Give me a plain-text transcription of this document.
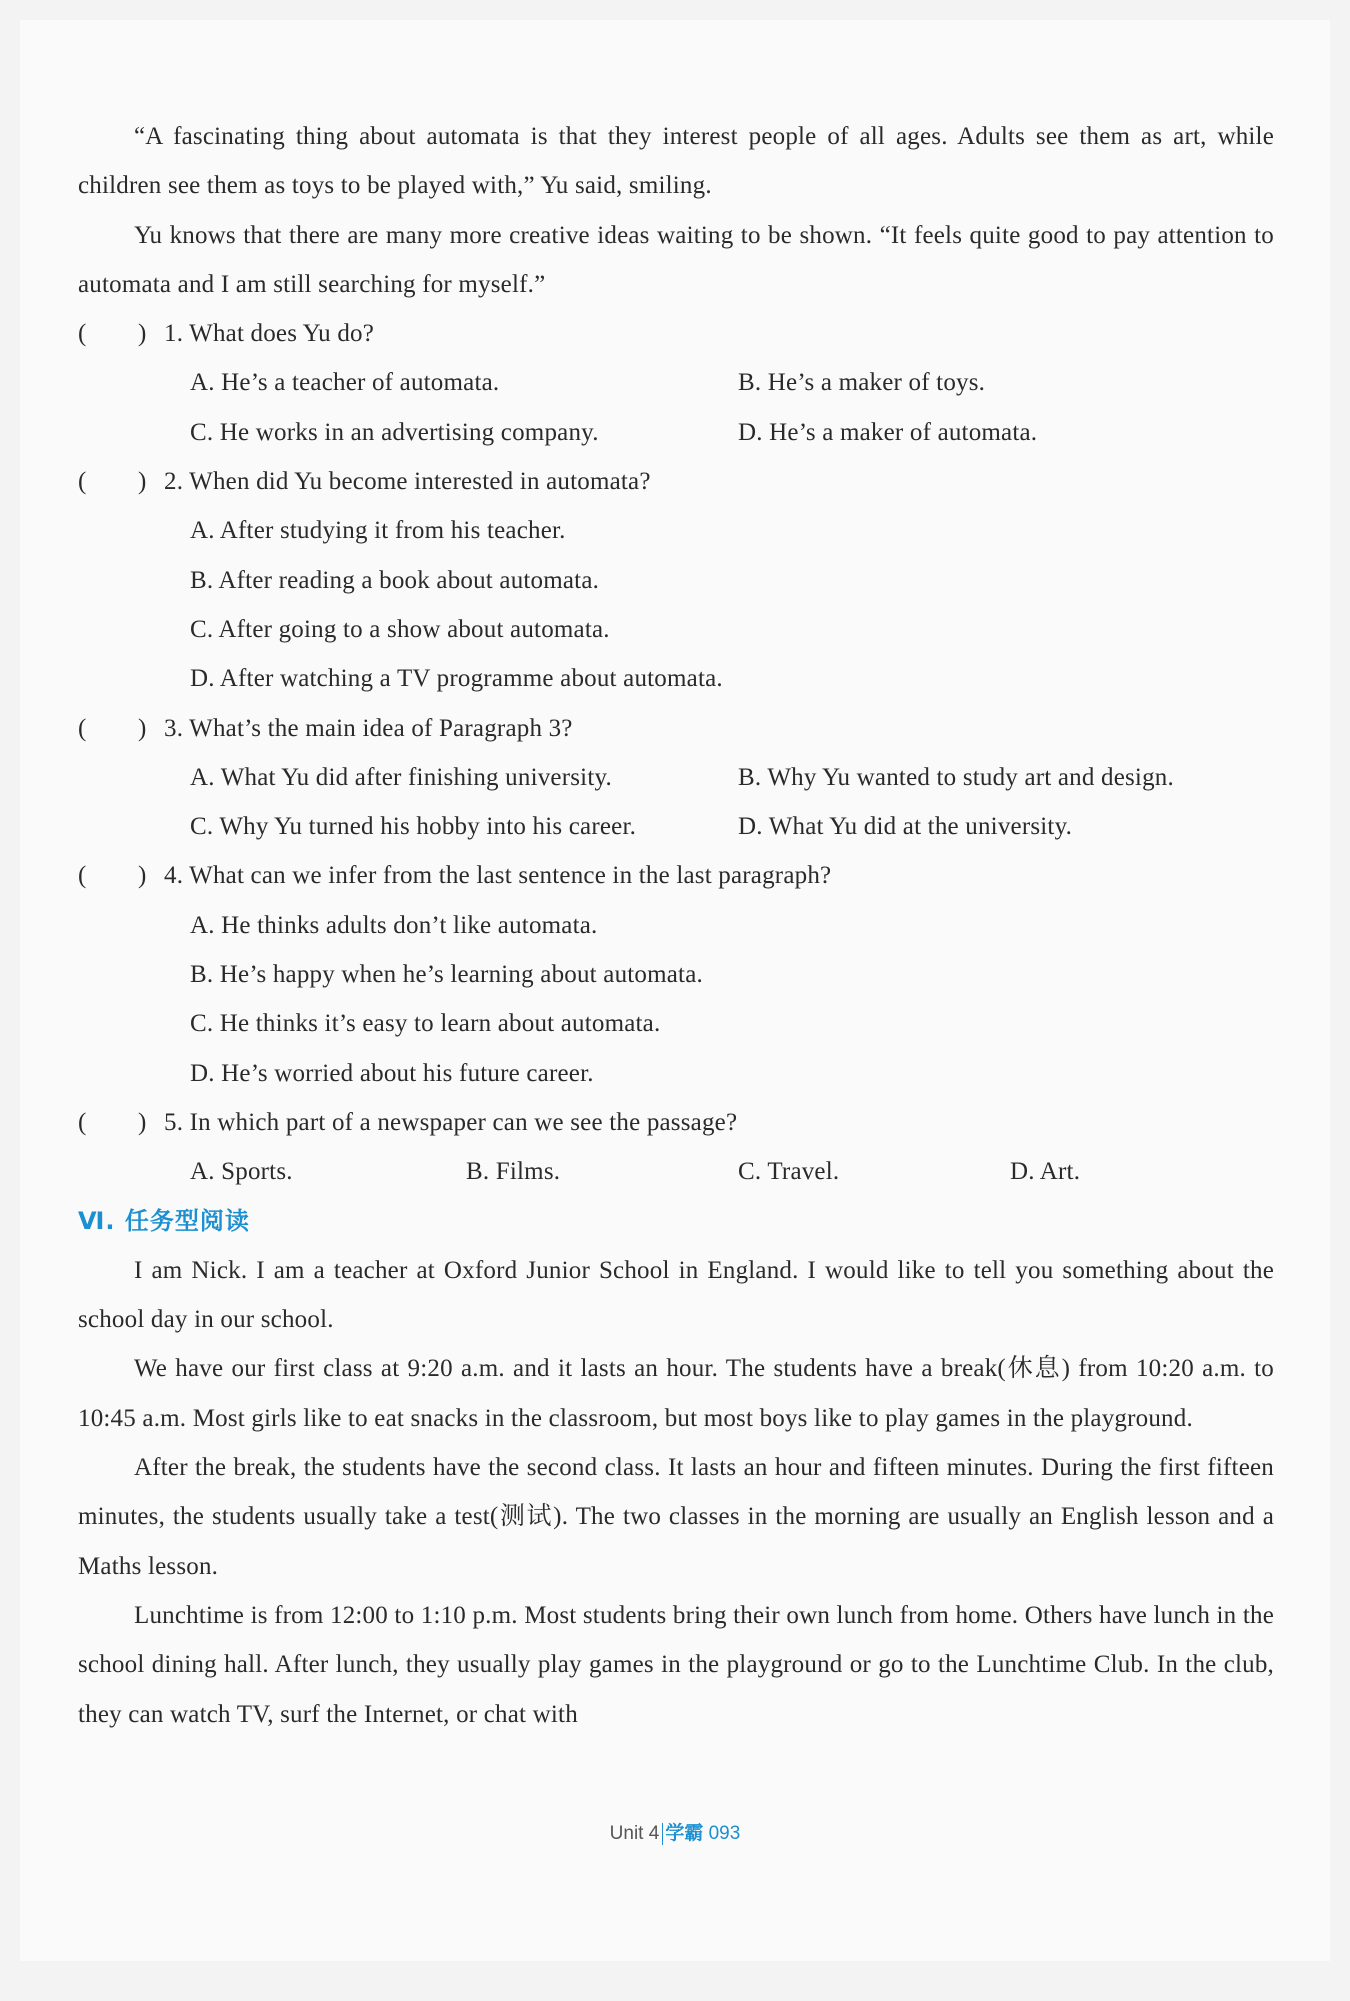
“A fascinating thing about automata is that they interest people of all ages. Adults see them as art, while children see them as toys to be played with,” Yu said, smiling.

Yu knows that there are many more creative ideas waiting to be shown. “It feels quite good to pay attention to automata and I am still searching for myself.”

( ) 1. What does Yu do?
A. He’s a teacher of automata.	B. He’s a maker of toys.
C. He works in an advertising company.	D. He’s a maker of automata.
( ) 2. When did Yu become interested in automata?
A. After studying it from his teacher.
B. After reading a book about automata.
C. After going to a show about automata.
D. After watching a TV programme about automata.
( ) 3. What’s the main idea of Paragraph 3?
A. What Yu did after finishing university.	B. Why Yu wanted to study art and design.
C. Why Yu turned his hobby into his career.	D. What Yu did at the university.
( ) 4. What can we infer from the last sentence in the last paragraph?
A. He thinks adults don’t like automata.
B. He’s happy when he’s learning about automata.
C. He thinks it’s easy to learn about automata.
D. He’s worried about his future career.
( ) 5. In which part of a newspaper can we see the passage?
A. Sports.	B. Films.	C. Travel.	D. Art.

Ⅵ. 任务型阅读

I am Nick. I am a teacher at Oxford Junior School in England. I would like to tell you something about the school day in our school.

We have our first class at 9:20 a.m. and it lasts an hour. The students have a break(休息) from 10:20 a.m. to 10:45 a.m. Most girls like to eat snacks in the classroom, but most boys like to play games in the playground.

After the break, the students have the second class. It lasts an hour and fifteen minutes. During the first fifteen minutes, the students usually take a test(测试). The two classes in the morning are usually an English lesson and a Maths lesson.

Lunchtime is from 12:00 to 1:10 p.m. Most students bring their own lunch from home. Others have lunch in the school dining hall. After lunch, they usually play games in the playground or go to the Lunchtime Club. In the club, they can watch TV, surf the Internet, or chat with

Unit 4 学霸 093
